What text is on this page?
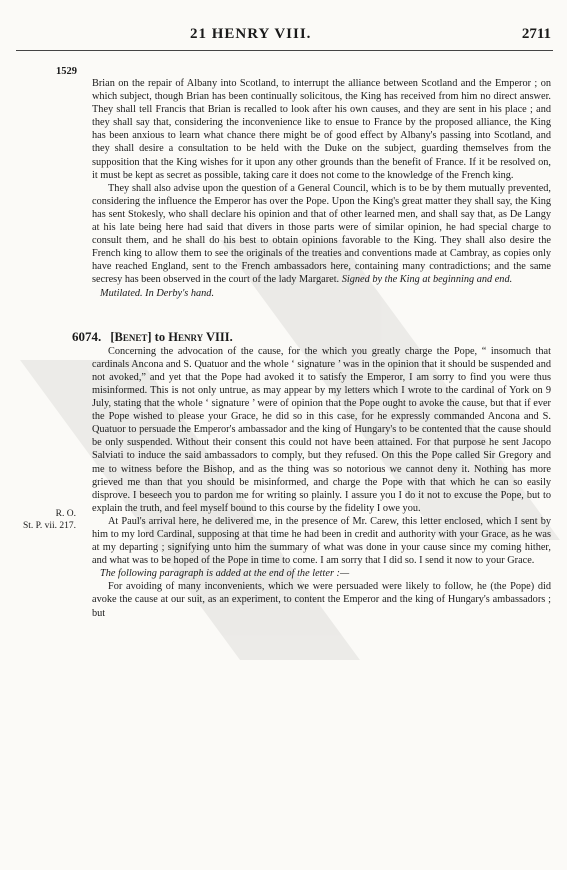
21 HENRY VIII.	2711
1529
R. O.
St. P. vii. 217.

Brian on the repair of Albany into Scotland, to interrupt the alliance between Scotland and the Emperor ; on which subject, though Brian has been continually solicitous, the King has received from him no direct answer. They shall tell Francis that Brian is recalled to look after his own causes, and they are sent in his place ; and they shall say that, considering the inconvenience like to ensue to France by the proposed alliance, the King has been anxious to learn what chance there might be of good effect by Albany's passing into Scotland, and they shall desire a consultation to be held with the Duke on the subject, guarding themselves from the supposition that the King wishes for it upon any other grounds than the benefit of France. If it be resolved on, it must be kept as secret as possible, taking care it does not come to the knowledge of the French king.

They shall also advise upon the question of a General Council, which is to be by them mutually prevented, considering the influence the Emperor has over the Pope. Upon the King's great matter they shall say, the King has sent Stokesly, who shall declare his opinion and that of other learned men, and shall say that, as De Langy at his late being here had said that divers in those parts were of similar opinion, he had special charge to consult them, and he shall do his best to obtain opinions favorable to the King. They shall also desire the French king to allow them to see the originals of the treaties and conventions made at Cambray, as copies only have reached England, sent to the French ambassadors here, containing many contradictions; and the same secresy has been observed in the court of the lady Margaret. Signed by the King at beginning and end.

Mutilated. In Derby's hand.

6074. [Benet] to Henry VIII.

Concerning the advocation of the cause, for the which you greatly charge the Pope, “ insomuch that cardinals Ancona and S. Quatuor and the whole ‘ signature ’ was in the opinion that it should be suspended and not avoked,” and yet that the Pope had avoked it to satisfy the Emperor, I am sorry to find you were thus misinformed. This is not only untrue, as may appear by my letters which I wrote to the cardinal of York on 9 July, stating that the whole ‘ signature ’ were of opinion that the Pope ought to avoke the cause, but that if ever the Pope wished to please your Grace, he did so in this case, for he expressly commanded Ancona and S. Quatuor to persuade the Emperor's ambassador and the king of Hungary's to be contented that the cause should be only suspended. Without their consent this could not have been attained. For that purpose he sent Jacopo Salviati to induce the said ambassadors to comply, but they refused. On this the Pope called Sir Gregory and me to witness before the Bishop, and as the thing was so notorious we cannot deny it. Nothing has more grieved me than that you should be misinformed, and charge the Pope with that which he can so easily disprove. I beseech you to pardon me for writing so plainly. I assure you I do it not to excuse the Pope, but to explain the truth, and feel myself bound to this course by the fidelity I owe you.

At Paul's arrival here, he delivered me, in the presence of Mr. Carew, this letter enclosed, which I sent by him to my lord Cardinal, supposing at that time he had been in credit and authority with your Grace, as he was at my departing ; signifying unto him the summary of what was done in your cause since my coming hither, and what was to be hoped of the Pope in time to come. I am sorry that I did so. I send it now to your Grace.

The following paragraph is added at the end of the letter :—

For avoiding of many inconvenients, which we were persuaded were likely to follow, he (the Pope) did avoke the cause at our suit, as an experiment, to content the Emperor and the king of Hungary's ambassadors ; but
